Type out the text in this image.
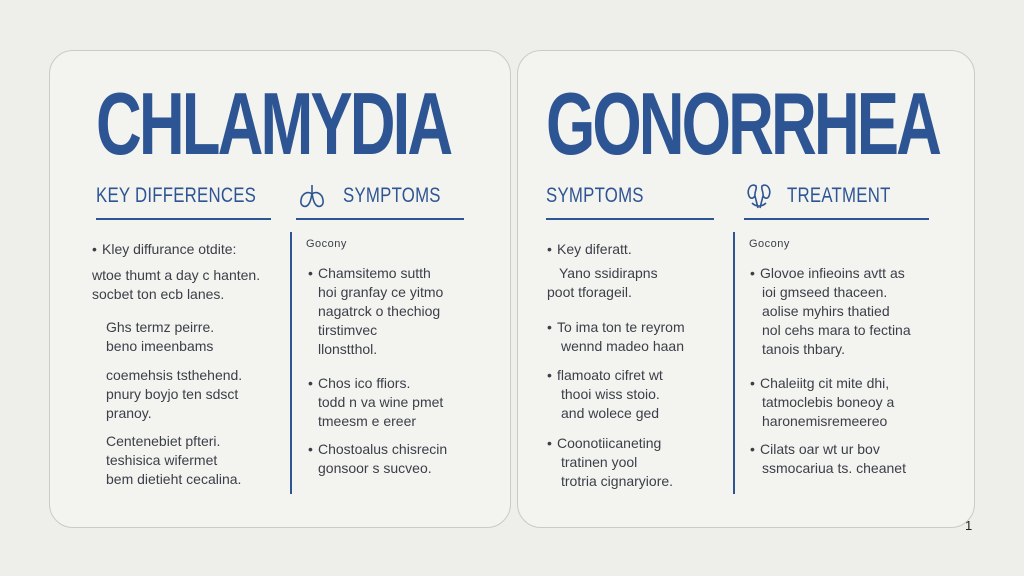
CHLAMYDIA
KEY DIFFERENCES	SYMPTOMS
Gocony
• Kley diffurance otdite:
wtoe thumt a day c hanten.
socbet ton ecb lanes.
Ghs termz peirre.
beno imeenbams
coemehsis tsthehend.
pnury boyjo ten sdsct
pranoy.
Centenebiet pfteri.
teshisica wifermet
bem dietieht cecalina.
• Chamsitemo sutth
hoi granfay ce yitmo
nagatrck o thechiog
tirstimvec
llonstthol.
• Chos ico ffiors.
todd n va wine pmet
tmeesm e ereer
• Chostoalus chisrecin
gonsoor s sucveo.
GONORRHEA
SYMPTOMS	TREATMENT
Gocony
• Key diferatt.
Yano ssidirapns
poot tforageil.
• To ima ton te reyrom
wennd madeo haan
• flamoato cifret wt
thooi wiss stoio.
and wolece ged
• Coonotiicaneting
tratinen yool
trotria cignaryiore.
• Glovoe infieoins avtt as
ioi gmseed thaceen.
aolise myhirs thatied
nol cehs mara to fectina
tanois thbary.
• Chaleiitg cit mite dhi,
tatmoclebis boneoy a
haronemisremeereo
• Cilats oar wt ur bov
ssmocariua ts. cheanet
1
